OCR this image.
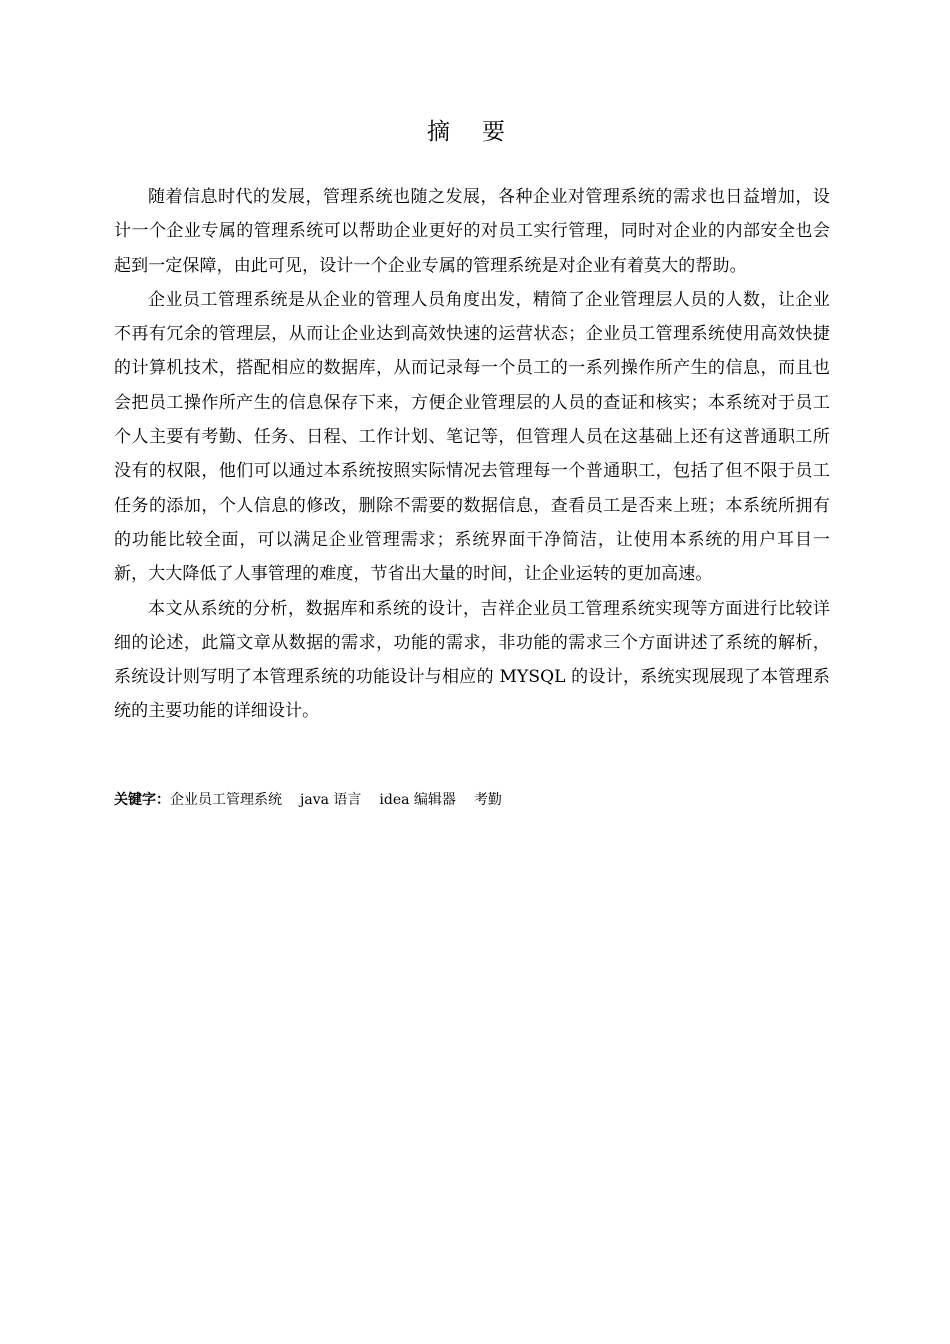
摘要

随着信息时代的发展，管理系统也随之发展，各种企业对管理系统的需求也日益增加，设计一个企业专属的管理系统可以帮助企业更好的对员工实行管理，同时对企业的内部安全也会起到一定保障，由此可见，设计一个企业专属的管理系统是对企业有着莫大的帮助。

企业员工管理系统是从企业的管理人员角度出发，精简了企业管理层人员的人数，让企业不再有冗余的管理层，从而让企业达到高效快速的运营状态；企业员工管理系统使用高效快捷的计算机技术，搭配相应的数据库，从而记录每一个员工的一系列操作所产生的信息，而且也会把员工操作所产生的信息保存下来，方便企业管理层的人员的查证和核实；本系统对于员工个人主要有考勤、任务、日程、工作计划、笔记等，但管理人员在这基础上还有这普通职工所没有的权限，他们可以通过本系统按照实际情况去管理每一个普通职工，包括了但不限于员工任务的添加，个人信息的修改，删除不需要的数据信息，查看员工是否来上班；本系统所拥有的功能比较全面，可以满足企业管理需求；系统界面干净简洁，让使用本系统的用户耳目一新，大大降低了人事管理的难度，节省出大量的时间，让企业运转的更加高速。

本文从系统的分析，数据库和系统的设计，吉祥企业员工管理系统实现等方面进行比较详细的论述，此篇文章从数据的需求，功能的需求，非功能的需求三个方面讲述了系统的解析，系统设计则写明了本管理系统的功能设计与相应的 MYSQL 的设计，系统实现展现了本管理系统的主要功能的详细设计。

关键字：企业员工管理系统 java 语言 idea 编辑器 考勤
